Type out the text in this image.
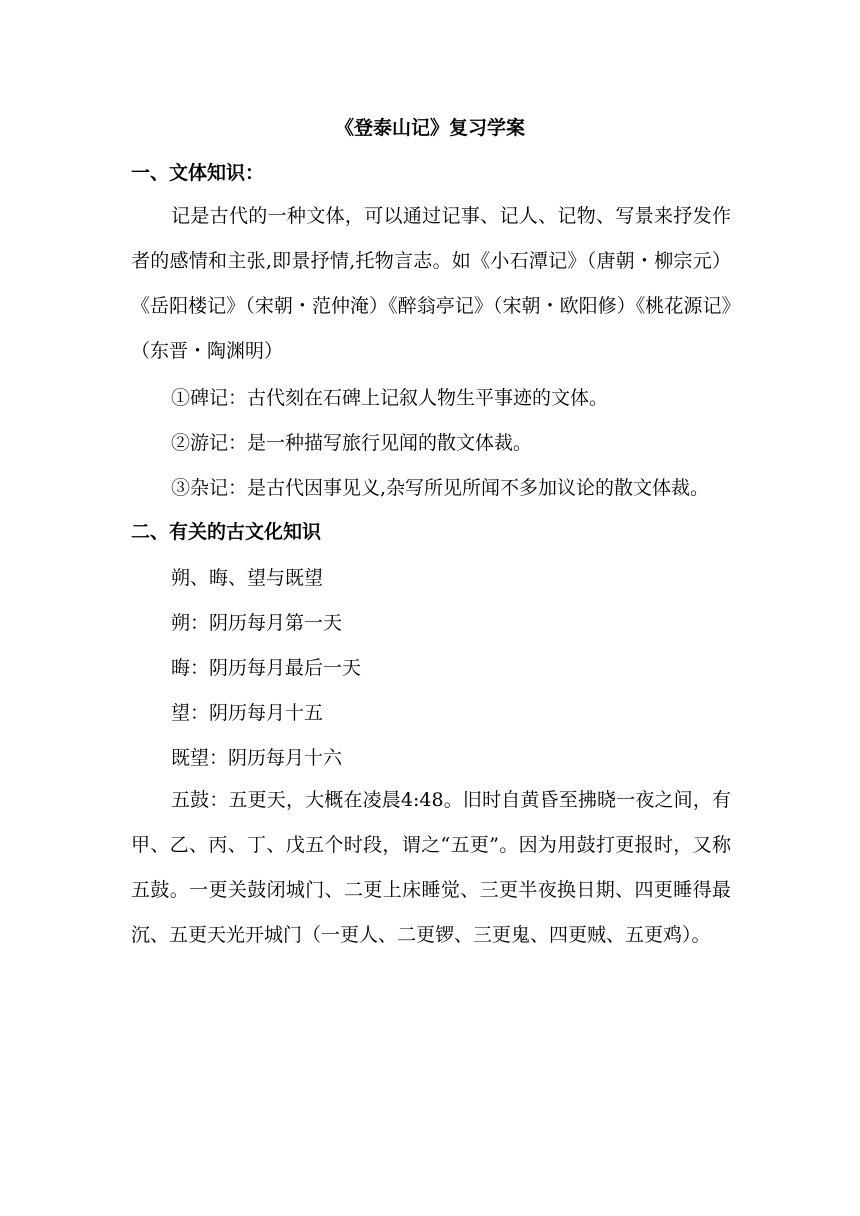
《登泰山记》复习学案
一、文体知识：
记是古代的一种文体，可以通过记事、记人、记物、写景来抒发作者的感情和主张,即景抒情,托物言志。如《小石潭记》（唐朝・柳宗元）《岳阳楼记》（宋朝・范仲淹）《醉翁亭记》（宋朝・欧阳修）《桃花源记》（东晋・陶渊明）
①碑记：古代刻在石碑上记叙人物生平事迹的文体。
②游记：是一种描写旅行见闻的散文体裁。
③杂记：是古代因事见义,杂写所见所闻不多加议论的散文体裁。
二、有关的古文化知识
朔、晦、望与既望
朔：阴历每月第一天
晦：阴历每月最后一天
望：阴历每月十五
既望：阴历每月十六
五鼓：五更天，大概在凌晨4:48。旧时自黄昏至拂晓一夜之间，有甲、乙、丙、丁、戊五个时段，谓之“五更”。因为用鼓打更报时，又称五鼓。一更关鼓闭城门、二更上床睡觉、三更半夜换日期、四更睡得最沉、五更天光开城门（一更人、二更锣、三更鬼、四更贼、五更鸡）。
